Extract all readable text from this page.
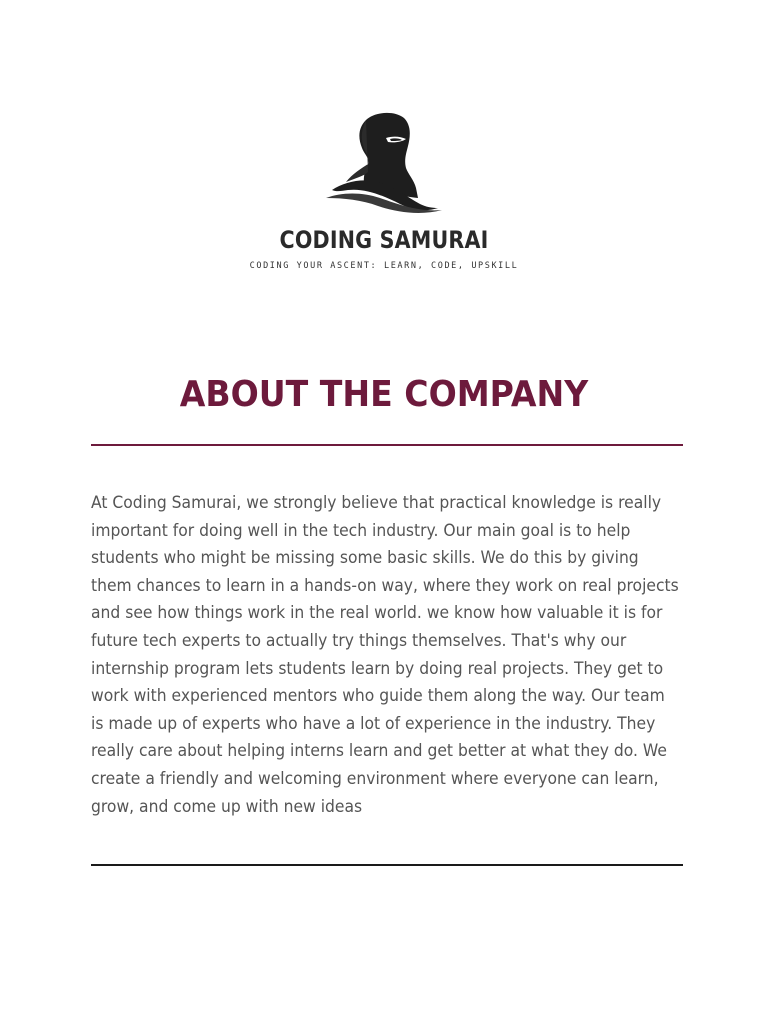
CODING SAMURAI
CODING YOUR ASCENT: LEARN, CODE, UPSKILL
ABOUT THE COMPANY

At Coding Samurai, we strongly believe that practical knowledge is really important for doing well in the tech industry. Our main goal is to help students who might be missing some basic skills. We do this by giving them chances to learn in a hands-on way, where they work on real projects and see how things work in the real world. we know how valuable it is for future tech experts to actually try things themselves. That's why our internship program lets students learn by doing real projects. They get to work with experienced mentors who guide them along the way. Our team is made up of experts who have a lot of experience in the industry. They really care about helping interns learn and get better at what they do. We create a friendly and welcoming environment where everyone can learn, grow, and come up with new ideas
